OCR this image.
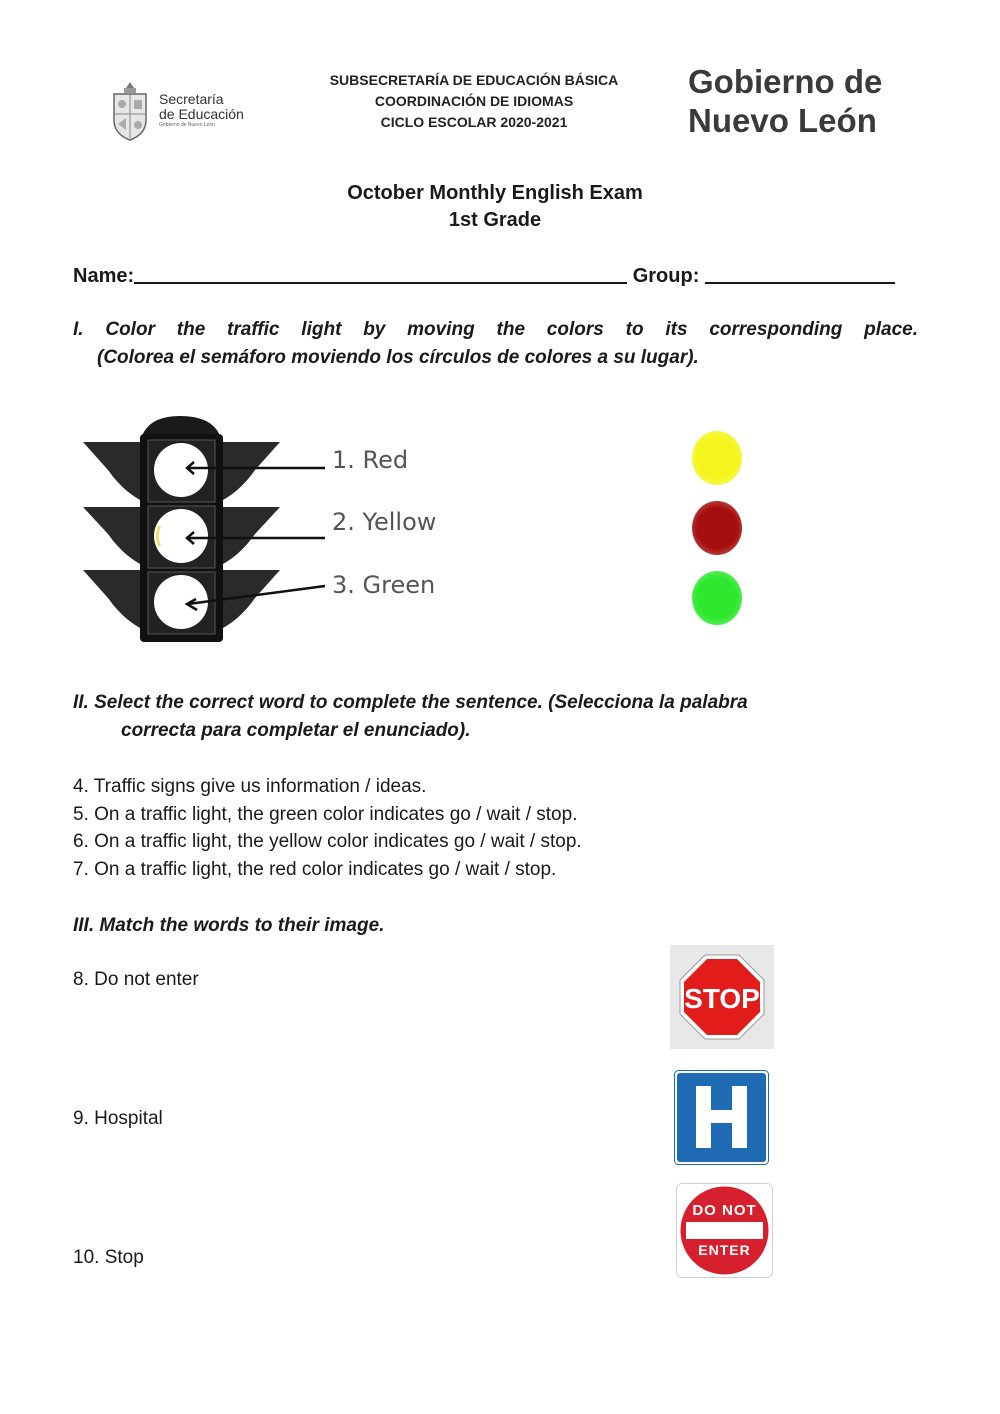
Secretaría
de Educación
Gobierno de Nuevo León
SUBSECRETARÍA DE EDUCACIÓN BÁSICA
COORDINACIÓN DE IDIOMAS
CICLO ESCOLAR 2020-2021
Gobierno de
Nuevo León
October Monthly English Exam
1st Grade
Name:	Group:
I. Color the traffic light by moving the colors to its corresponding place.
(Colorea el semáforo moviendo los círculos de colores a su lugar).
1. Red
2. Yellow
3. Green
II. Select the correct word to complete the sentence. (Selecciona la palabra
correcta para completar el enunciado).
4. Traffic signs give us information / ideas.
5. On a traffic light, the green color indicates go / wait / stop.
6. On a traffic light, the yellow color indicates go / wait / stop.
7. On a traffic light, the red color indicates go / wait / stop.
III. Match the words to their image.
8. Do not enter
9. Hospital
10. Stop
STOP
DO NOT
ENTER
